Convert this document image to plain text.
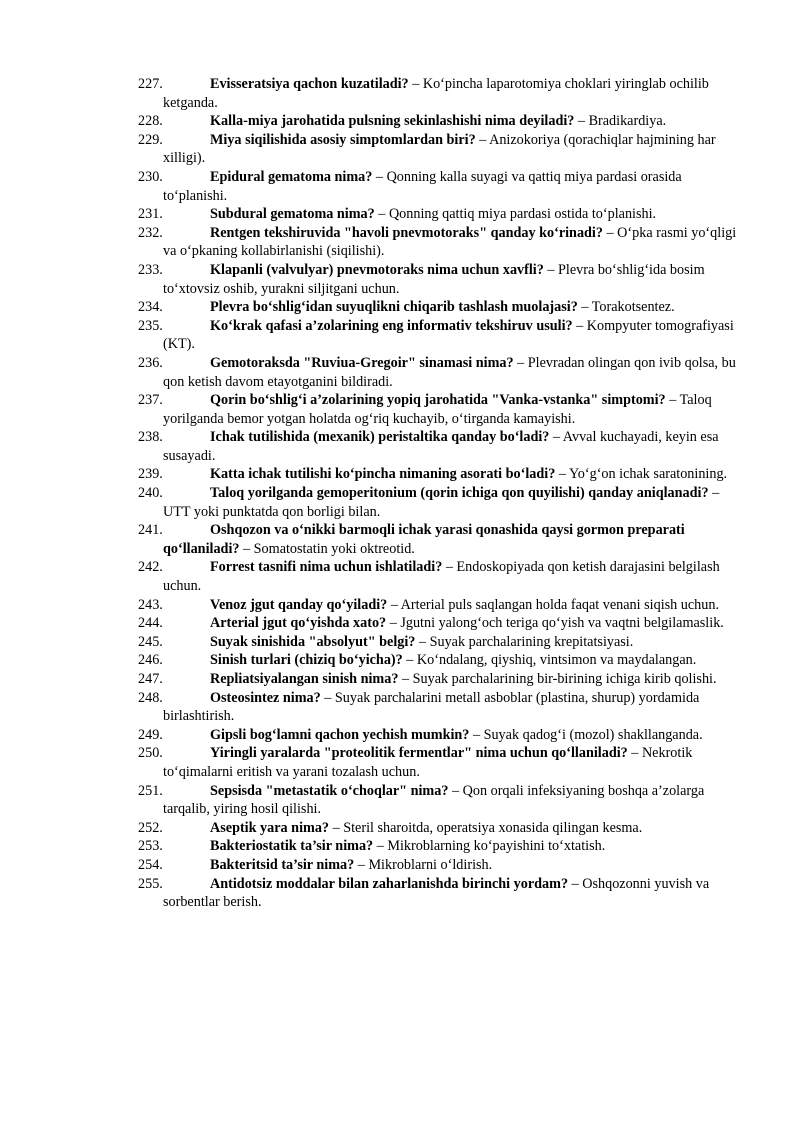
227.	Evisseratsiya qachon kuzatiladi? – Ko‘pincha laparotomiya choklari yiringlab ochilib ketganda.

228.	Kalla-miya jarohatida pulsning sekinlashishi nima deyiladi? – Bradikardiya.

229.	Miya siqilishida asosiy simptomlardan biri? – Anizokoriya (qorachiqlar hajmining har xilligi).

230.	Epidural gematoma nima? – Qonning kalla suyagi va qattiq miya pardasi orasida to‘planishi.

231.	Subdural gematoma nima? – Qonning qattiq miya pardasi ostida to‘planishi.

232.	Rentgen tekshiruvida "havoli pnevmotoraks" qanday ko‘rinadi? – O‘pka rasmi yo‘qligi va o‘pkaning kollabirlanishi (siqilishi).

233.	Klapanli (valvulyar) pnevmotoraks nima uchun xavfli? – Plevra bo‘shlig‘ida bosim to‘xtovsiz oshib, yurakni siljitgani uchun.

234.	Plevra bo‘shlig‘idan suyuqlikni chiqarib tashlash muolajasi? – Torakotsentez.

235.	Ko‘krak qafasi a’zolarining eng informativ tekshiruv usuli? – Kompyuter tomografiyasi (KT).

236.	Gemotoraksda "Ruviua-Gregoir" sinamasi nima? – Plevradan olingan qon ivib qolsa, bu qon ketish davom etayotganini bildiradi.

237.	Qorin bo‘shlig‘i a’zolarining yopiq jarohatida "Vanka-vstanka" simptomi? – Taloq yorilganda bemor yotgan holatda og‘riq kuchayib, o‘tirganda kamayishi.

238.	Ichak tutilishida (mexanik) peristaltika qanday bo‘ladi? – Avval kuchayadi, keyin esa susayadi.

239.	Katta ichak tutilishi ko‘pincha nimaning asorati bo‘ladi? – Yo‘g‘on ichak saratonining.

240.	Taloq yorilganda gemoperitonium (qorin ichiga qon quyilishi) qanday aniqlanadi? – UTT yoki punktatda qon borligi bilan.

241.	Oshqozon va o‘nikki barmoqli ichak yarasi qonashida qaysi gormon preparati qo‘llaniladi? – Somatostatin yoki oktreotid.

242.	Forrest tasnifi nima uchun ishlatiladi? – Endoskopiyada qon ketish darajasini belgilash uchun.

243.	Venoz jgut qanday qo‘yiladi? – Arterial puls saqlangan holda faqat venani siqish uchun.

244.	Arterial jgut qo‘yishda xato? – Jgutni yalong‘och teriga qo‘yish va vaqtni belgilamaslik.

245.	Suyak sinishida "absolyut" belgi? – Suyak parchalarining krepitatsiyasi.

246.	Sinish turlari (chiziq bo‘yicha)? – Ko‘ndalang, qiyshiq, vintsimon va maydalangan.

247.	Repliatsiyalangan sinish nima? – Suyak parchalarining bir-birining ichiga kirib qolishi.

248.	Osteosintez nima? – Suyak parchalarini metall asboblar (plastina, shurup) yordamida birlashtirish.

249.	Gipsli bog‘lamni qachon yechish mumkin? – Suyak qadog‘i (mozol) shakllanganda.

250.	Yiringli yaralarda "proteolitik fermentlar" nima uchun qo‘llaniladi? – Nekrotik to‘qimalarni eritish va yarani tozalash uchun.

251.	Sepsisda "metastatik o‘choqlar" nima? – Qon orqali infeksiyaning boshqa a’zolarga tarqalib, yiring hosil qilishi.

252.	Aseptik yara nima? – Steril sharoitda, operatsiya xonasida qilingan kesma.

253.	Bakteriostatik ta’sir nima? – Mikroblarning ko‘payishini to‘xtatish.

254.	Bakteritsid ta’sir nima? – Mikroblarni o‘ldirish.

255.	Antidotsiz moddalar bilan zaharlanishda birinchi yordam? – Oshqozonni yuvish va sorbentlar berish.
